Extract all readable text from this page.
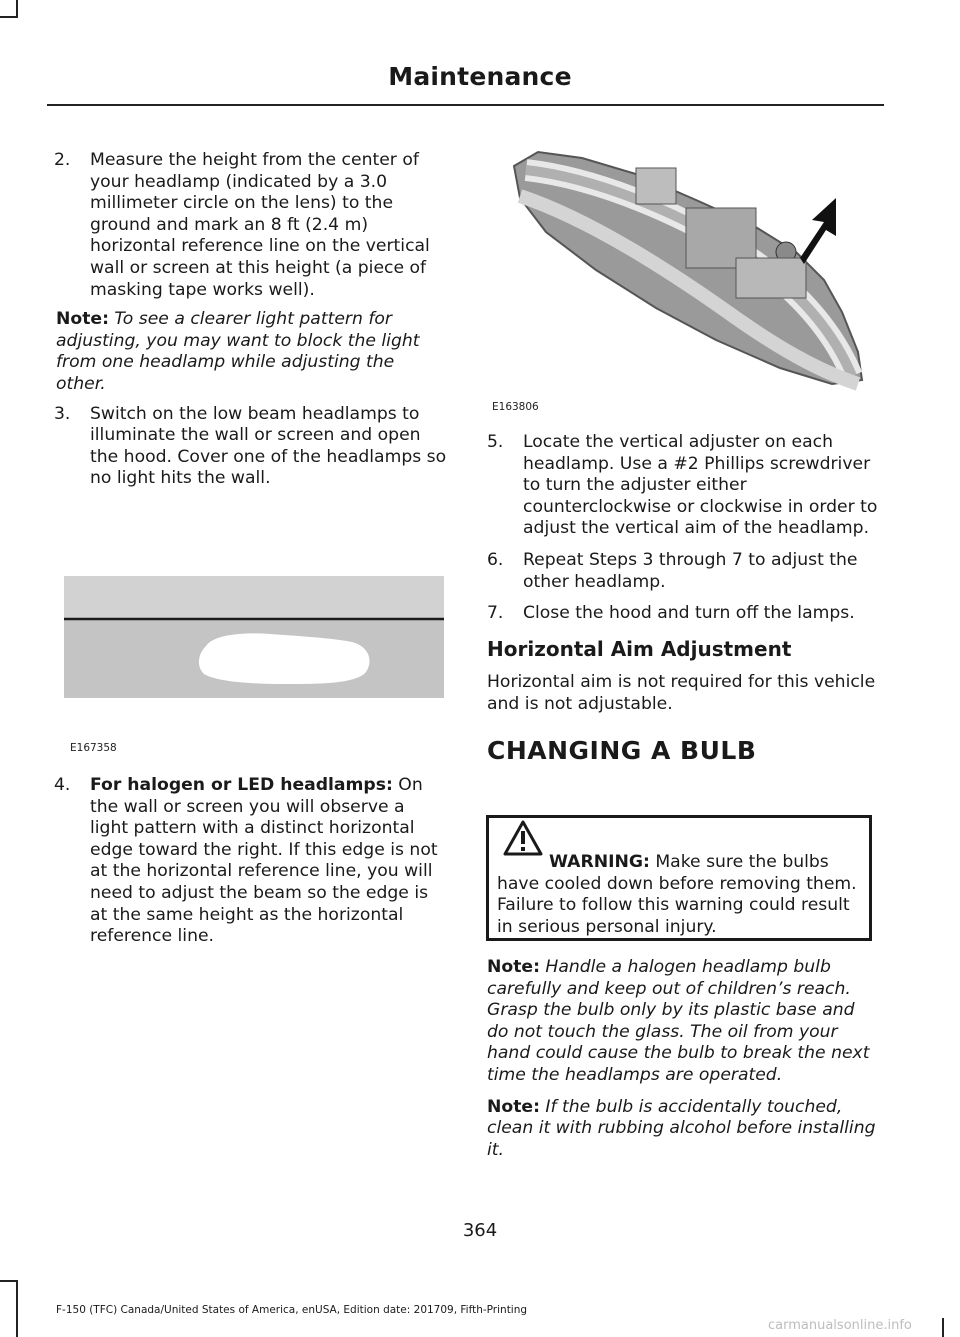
Maintenance

2. Measure the height from the center of your headlamp (indicated by a 3.0 millimeter circle on the lens) to the ground and mark an 8 ft (2.4 m) horizontal reference line on the vertical wall or screen at this height (a piece of masking tape works well).

Note: To see a clearer light pattern for adjusting, you may want to block the light from one headlamp while adjusting the other.

3. Switch on the low beam headlamps to illuminate the wall or screen and open the hood. Cover one of the headlamps so no light hits the wall.

E167358

4. For halogen or LED headlamps: On the wall or screen you will observe a light pattern with a distinct horizontal edge toward the right. If this edge is not at the horizontal reference line, you will need to adjust the beam so the edge is at the same height as the horizontal reference line.

E163806

5. Locate the vertical adjuster on each headlamp. Use a #2 Phillips screwdriver to turn the adjuster either counterclockwise or clockwise in order to adjust the vertical aim of the headlamp.

6. Repeat Steps 3 through 7 to adjust the other headlamp.

7. Close the hood and turn off the lamps.

Horizontal Aim Adjustment

Horizontal aim is not required for this vehicle and is not adjustable.

CHANGING A BULB

WARNING: Make sure the bulbs have cooled down before removing them. Failure to follow this warning could result in serious personal injury.

Note: Handle a halogen headlamp bulb carefully and keep out of children’s reach. Grasp the bulb only by its plastic base and do not touch the glass. The oil from your hand could cause the bulb to break the next time the headlamps are operated.

Note: If the bulb is accidentally touched, clean it with rubbing alcohol before installing it.

364
F-150 (TFC) Canada/United States of America, enUSA, Edition date: 201709, Fifth-Printing
carmanualsonline.info
